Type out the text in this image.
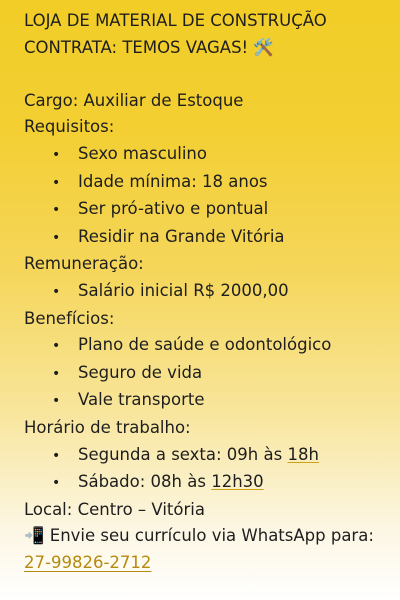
LOJA DE MATERIAL DE CONSTRUÇÃO
CONTRATA: TEMOS VAGAS! 🛠️
Cargo: Auxiliar de Estoque
Requisitos:
•	Sexo masculino
•	Idade mínima: 18 anos
•	Ser pró-ativo e pontual
•	Residir na Grande Vitória
Remuneração:
•	Salário inicial R$ 2000,00
Benefícios:
•	Plano de saúde e odontológico
•	Seguro de vida
•	Vale transporte
Horário de trabalho:
•	Segunda a sexta: 09h às 18h
•	Sábado: 08h às 12h30
Local: Centro – Vitória
📲 Envie seu currículo via WhatsApp para:
27-99826-2712
